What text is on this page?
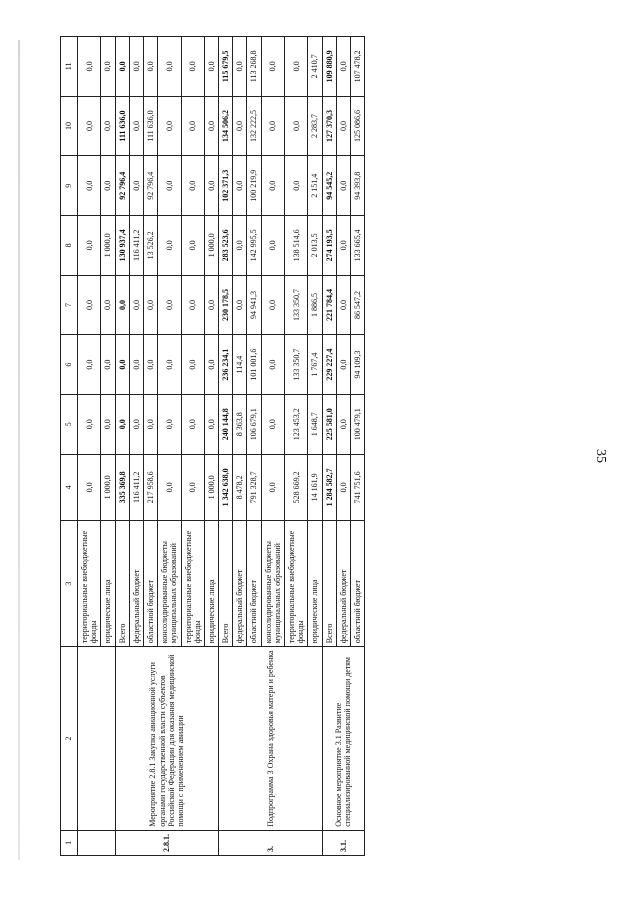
35
1	2	3	4	5	6	7	8	9	10	11
		территориальные внебюджетные фонды	0,0	0,0	0,0	0,0	0,0	0,0	0,0	0,0
		юридические лица	1 000,0	0,0	0,0	0,0	1 000,0	0,0	0,0	0,0
2.8.1.	Мероприятие 2.8.1 Закупка авиационной услуги органами государственной власти субъектов Российской Федерации для оказания медицинской помощи с применением авиации	Всего	335 369,8	0,0	0,0	0,0	130 937,4	92 796,4	111 636,0	0,0
		федеральный бюджет	116 411,2	0,0	0,0	0,0	116 411,2	0,0	0,0	0,0
		областной бюджет	217 958,6	0,0	0,0	0,0	13 526,2	92 796,4	111 636,0	0,0
		консолидированные бюджеты муниципальных образований	0,0	0,0	0,0	0,0	0,0	0,0	0,0	0,0
		территориальные внебюджетные фонды	0,0	0,0	0,0	0,0	0,0	0,0	0,0	0,0
		юридические лица	1 000,0	0,0	0,0	0,0	1 000,0	0,0	0,0	0,0
3.	Подпрограмма 3 Охрана здоровья матери и ребенка	Всего	1 342 638,0	240 144,8	236 234,1	230 178,5	283 523,6	102 371,3	134 506,2	115 679,5
		федеральный бюджет	8 478,2	8 363,8	114,4	0,0	0,0	0,0	0,0	0,0
		областной бюджет	791 328,7	106 679,1	101 001,6	94 941,3	142 995,5	100 219,9	132 222,5	113 268,8
		консолидированные бюджеты муниципальных образований	0,0	0,0	0,0	0,0	0,0	0,0	0,0	0,0
		территориальные внебюджетные фонды	528 669,2	123 453,2	133 350,7	133 350,7	138 514,6	0,0	0,0	0,0
		юридические лица	14 161,9	1 648,7	1 767,4	1 886,5	2 013,5	2 151,4	2 283,7	2 410,7
3.1.	Основное мероприятие 3.1 Развитие специализированной медицинской помощи детям	Всего	1 284 582,7	225 581,0	229 227,4	221 784,4	274 193,5	94 545,2	127 370,3	109 880,9
		федеральный бюджет	0,0	0,0	0,0	0,0	0,0	0,0	0,0	0,0
		областной бюджет	741 751,6	100 479,1	94 109,3	86 547,2	133 665,4	94 393,8	125 086,6	107 478,2
